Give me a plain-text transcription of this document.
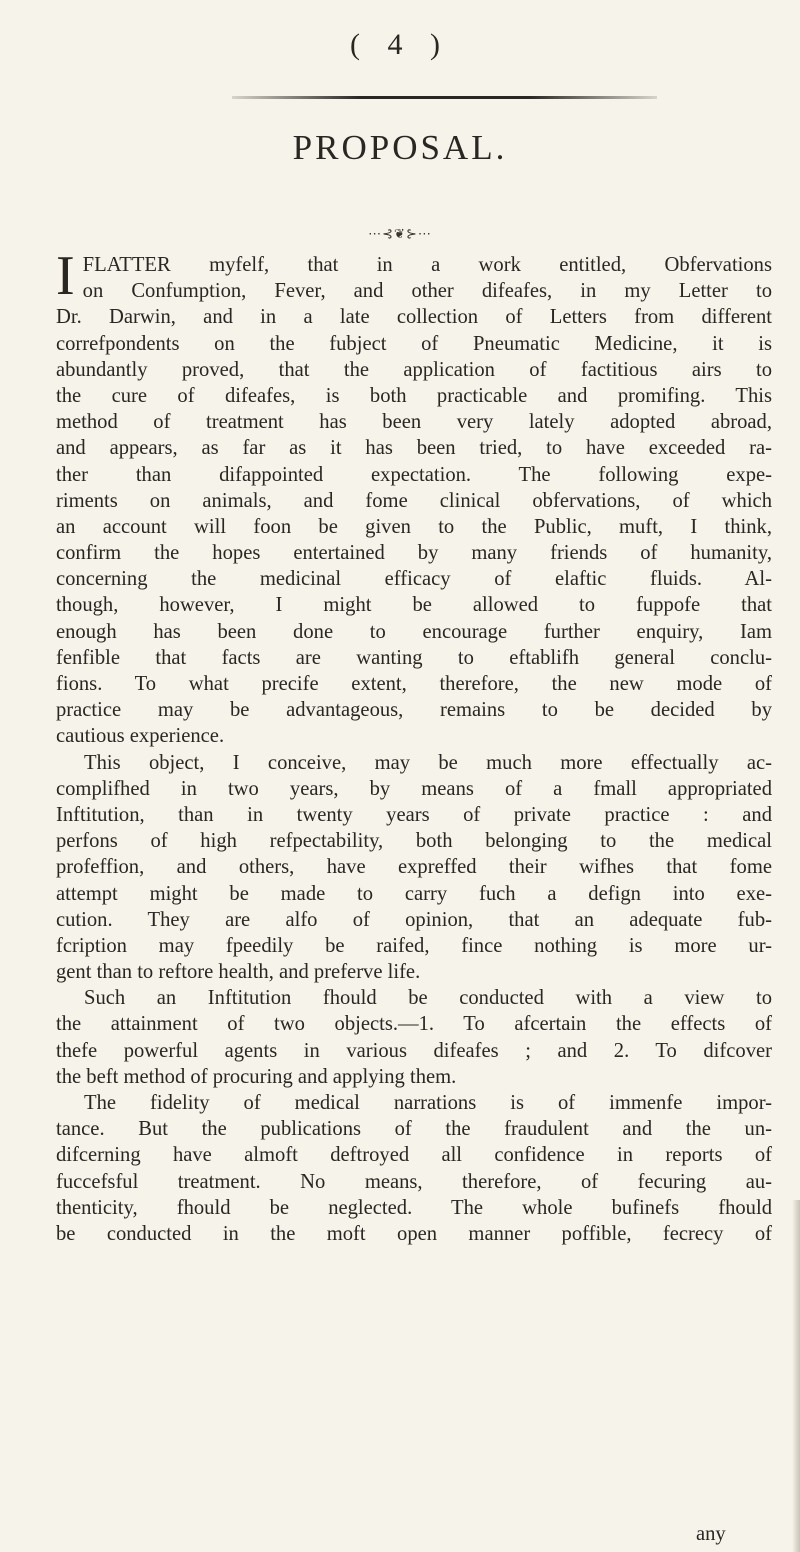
( 4 )
PROPOSAL.
⋯⊰❦⊱⋯
I FLATTER myfelf, that in a work entitled, Obfervations
on Confumption, Fever, and other difeafes, in my Letter to
Dr. Darwin, and in a late collection of Letters from different
correfpondents on the fubject of Pneumatic Medicine, it is
abundantly proved, that the application of factitious airs to
the cure of difeafes, is both practicable and promifing. This
method of treatment has been very lately adopted abroad,
and appears, as far as it has been tried, to have exceeded ra-
ther than difappointed expectation. The following expe-
riments on animals, and fome clinical obfervations, of which
an account will foon be given to the Public, muft, I think,
confirm the hopes entertained by many friends of humanity,
concerning the medicinal efficacy of elaftic fluids. Al-
though, however, I might be allowed to fuppofe that
enough has been done to encourage further enquiry, Iam
fenfible that facts are wanting to eftablifh general conclu-
fions. To what precife extent, therefore, the new mode of
practice may be advantageous, remains to be decided by
cautious experience.
This object, I conceive, may be much more effectually ac-
complifhed in two years, by means of a fmall appropriated
Inftitution, than in twenty years of private practice : and
perfons of high refpectability, both belonging to the medical
profeffion, and others, have expreffed their wifhes that fome
attempt might be made to carry fuch a defign into exe-
cution. They are alfo of opinion, that an adequate fub-
fcription may fpeedily be raifed, fince nothing is more ur-
gent than to reftore health, and preferve life.
Such an Inftitution fhould be conducted with a view to
the attainment of two objects.—1. To afcertain the effects of
thefe powerful agents in various difeafes ; and 2. To difcover
the beft method of procuring and applying them.
The fidelity of medical narrations is of immenfe impor-
tance. But the publications of the fraudulent and the un-
difcerning have almoft deftroyed all confidence in reports of
fuccefsful treatment. No means, therefore, of fecuring au-
thenticity, fhould be neglected. The whole bufinefs fhould
be conducted in the moft open manner poffible, fecrecy of
any
